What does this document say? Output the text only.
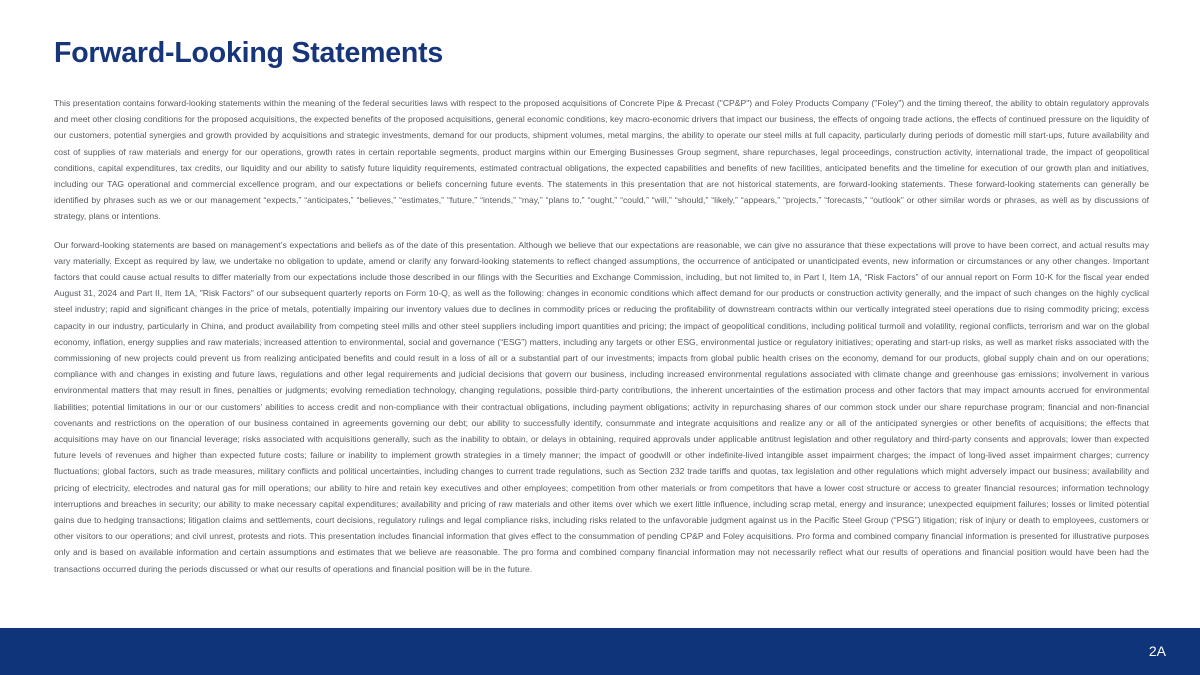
Forward-Looking Statements

This presentation contains forward-looking statements within the meaning of the federal securities laws with respect to the proposed acquisitions of Concrete Pipe & Precast ("CP&P") and Foley Products Company ("Foley") and the timing thereof, the ability to obtain regulatory approvals and meet other closing conditions for the proposed acquisitions, the expected benefits of the proposed acquisitions, general economic conditions, key macro-economic drivers that impact our business, the effects of ongoing trade actions, the effects of continued pressure on the liquidity of our customers, potential synergies and growth provided by acquisitions and strategic investments, demand for our products, shipment volumes, metal margins, the ability to operate our steel mills at full capacity, particularly during periods of domestic mill start-ups, future availability and cost of supplies of raw materials and energy for our operations, growth rates in certain reportable segments, product margins within our Emerging Businesses Group segment, share repurchases, legal proceedings, construction activity, international trade, the impact of geopolitical conditions, capital expenditures, tax credits, our liquidity and our ability to satisfy future liquidity requirements, estimated contractual obligations, the expected capabilities and benefits of new facilities, anticipated benefits and the timeline for execution of our growth plan and initiatives, including our TAG operational and commercial excellence program, and our expectations or beliefs concerning future events. The statements in this presentation that are not historical statements, are forward-looking statements. These forward-looking statements can generally be identified by phrases such as we or our management “expects,” “anticipates,” “believes,” “estimates,” “future,” “intends,” “may,” “plans to,” “ought,” “could,” “will,” “should,” “likely,” “appears,” “projects,” “forecasts,” “outlook” or other similar words or phrases, as well as by discussions of strategy, plans or intentions.

Our forward-looking statements are based on management’s expectations and beliefs as of the date of this presentation. Although we believe that our expectations are reasonable, we can give no assurance that these expectations will prove to have been correct, and actual results may vary materially. Except as required by law, we undertake no obligation to update, amend or clarify any forward-looking statements to reflect changed assumptions, the occurrence of anticipated or unanticipated events, new information or circumstances or any other changes. Important factors that could cause actual results to differ materially from our expectations include those described in our filings with the Securities and Exchange Commission, including, but not limited to, in Part I, Item 1A, “Risk Factors” of our annual report on Form 10-K for the fiscal year ended August 31, 2024 and Part II, Item 1A, "Risk Factors" of our subsequent quarterly reports on Form 10-Q, as well as the following: changes in economic conditions which affect demand for our products or construction activity generally, and the impact of such changes on the highly cyclical steel industry; rapid and significant changes in the price of metals, potentially impairing our inventory values due to declines in commodity prices or reducing the profitability of downstream contracts within our vertically integrated steel operations due to rising commodity pricing; excess capacity in our industry, particularly in China, and product availability from competing steel mills and other steel suppliers including import quantities and pricing; the impact of geopolitical conditions, including political turmoil and volatility, regional conflicts, terrorism and war on the global economy, inflation, energy supplies and raw materials; increased attention to environmental, social and governance (“ESG”) matters, including any targets or other ESG, environmental justice or regulatory initiatives; operating and start-up risks, as well as market risks associated with the commissioning of new projects could prevent us from realizing anticipated benefits and could result in a loss of all or a substantial part of our investments; impacts from global public health crises on the economy, demand for our products, global supply chain and on our operations; compliance with and changes in existing and future laws, regulations and other legal requirements and judicial decisions that govern our business, including increased environmental regulations associated with climate change and greenhouse gas emissions; involvement in various environmental matters that may result in fines, penalties or judgments; evolving remediation technology, changing regulations, possible third-party contributions, the inherent uncertainties of the estimation process and other factors that may impact amounts accrued for environmental liabilities; potential limitations in our or our customers’ abilities to access credit and non-compliance with their contractual obligations, including payment obligations; activity in repurchasing shares of our common stock under our share repurchase program; financial and non-financial covenants and restrictions on the operation of our business contained in agreements governing our debt; our ability to successfully identify, consummate and integrate acquisitions and realize any or all of the anticipated synergies or other benefits of acquisitions; the effects that acquisitions may have on our financial leverage; risks associated with acquisitions generally, such as the inability to obtain, or delays in obtaining, required approvals under applicable antitrust legislation and other regulatory and third-party consents and approvals; lower than expected future levels of revenues and higher than expected future costs; failure or inability to implement growth strategies in a timely manner; the impact of goodwill or other indefinite-lived intangible asset impairment charges; the impact of long-lived asset impairment charges; currency fluctuations; global factors, such as trade measures, military conflicts and political uncertainties, including changes to current trade regulations, such as Section 232 trade tariffs and quotas, tax legislation and other regulations which might adversely impact our business; availability and pricing of electricity, electrodes and natural gas for mill operations; our ability to hire and retain key executives and other employees; competition from other materials or from competitors that have a lower cost structure or access to greater financial resources; information technology interruptions and breaches in security; our ability to make necessary capital expenditures; availability and pricing of raw materials and other items over which we exert little influence, including scrap metal, energy and insurance; unexpected equipment failures; losses or limited potential gains due to hedging transactions; litigation claims and settlements, court decisions, regulatory rulings and legal compliance risks, including risks related to the unfavorable judgment against us in the Pacific Steel Group (“PSG”) litigation; risk of injury or death to employees, customers or other visitors to our operations; and civil unrest, protests and riots. This presentation includes financial information that gives effect to the consummation of pending CP&P and Foley acquisitions. Pro forma and combined company financial information is presented for illustrative purposes only and is based on available information and certain assumptions and estimates that we believe are reasonable. The pro forma and combined company financial information may not necessarily reflect what our results of operations and financial position would have been had the transactions occurred during the periods discussed or what our results of operations and financial position will be in the future.

2A
